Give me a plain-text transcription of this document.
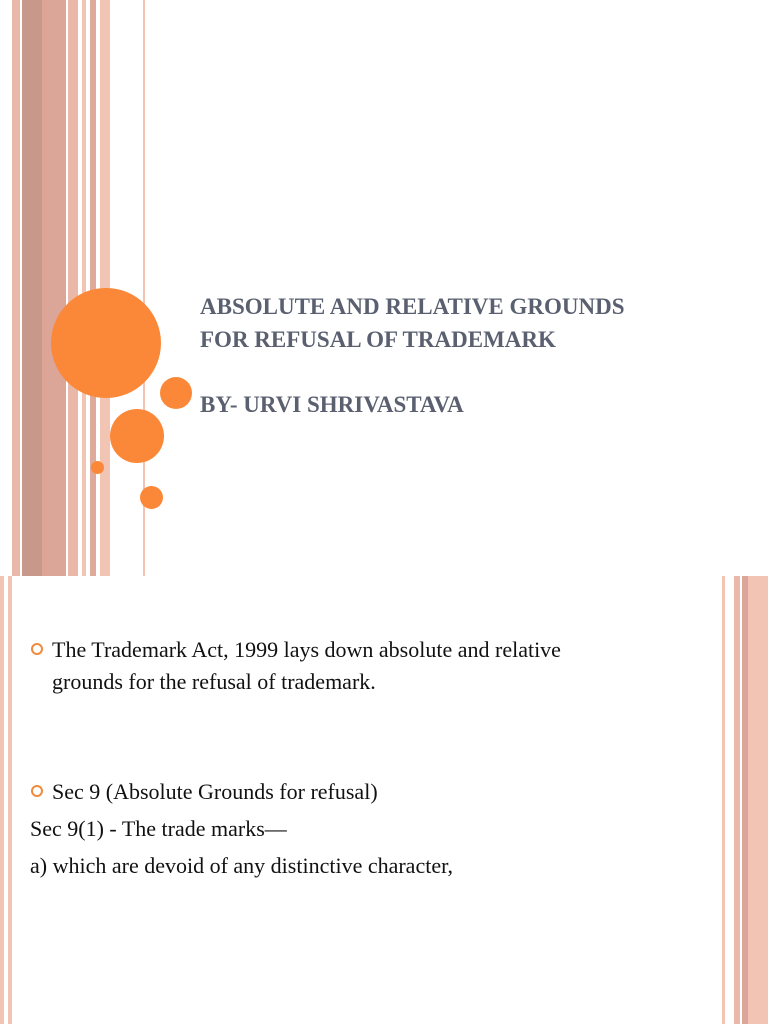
ABSOLUTE AND RELATIVE GROUNDS
FOR REFUSAL OF TRADEMARK
BY- URVI SHRIVASTAVA
The Trademark Act, 1999 lays down absolute and relative
grounds for the refusal of trademark.
Sec 9 (Absolute Grounds for refusal)
Sec 9(1) - The trade marks—
a) which are devoid of any distinctive character,
